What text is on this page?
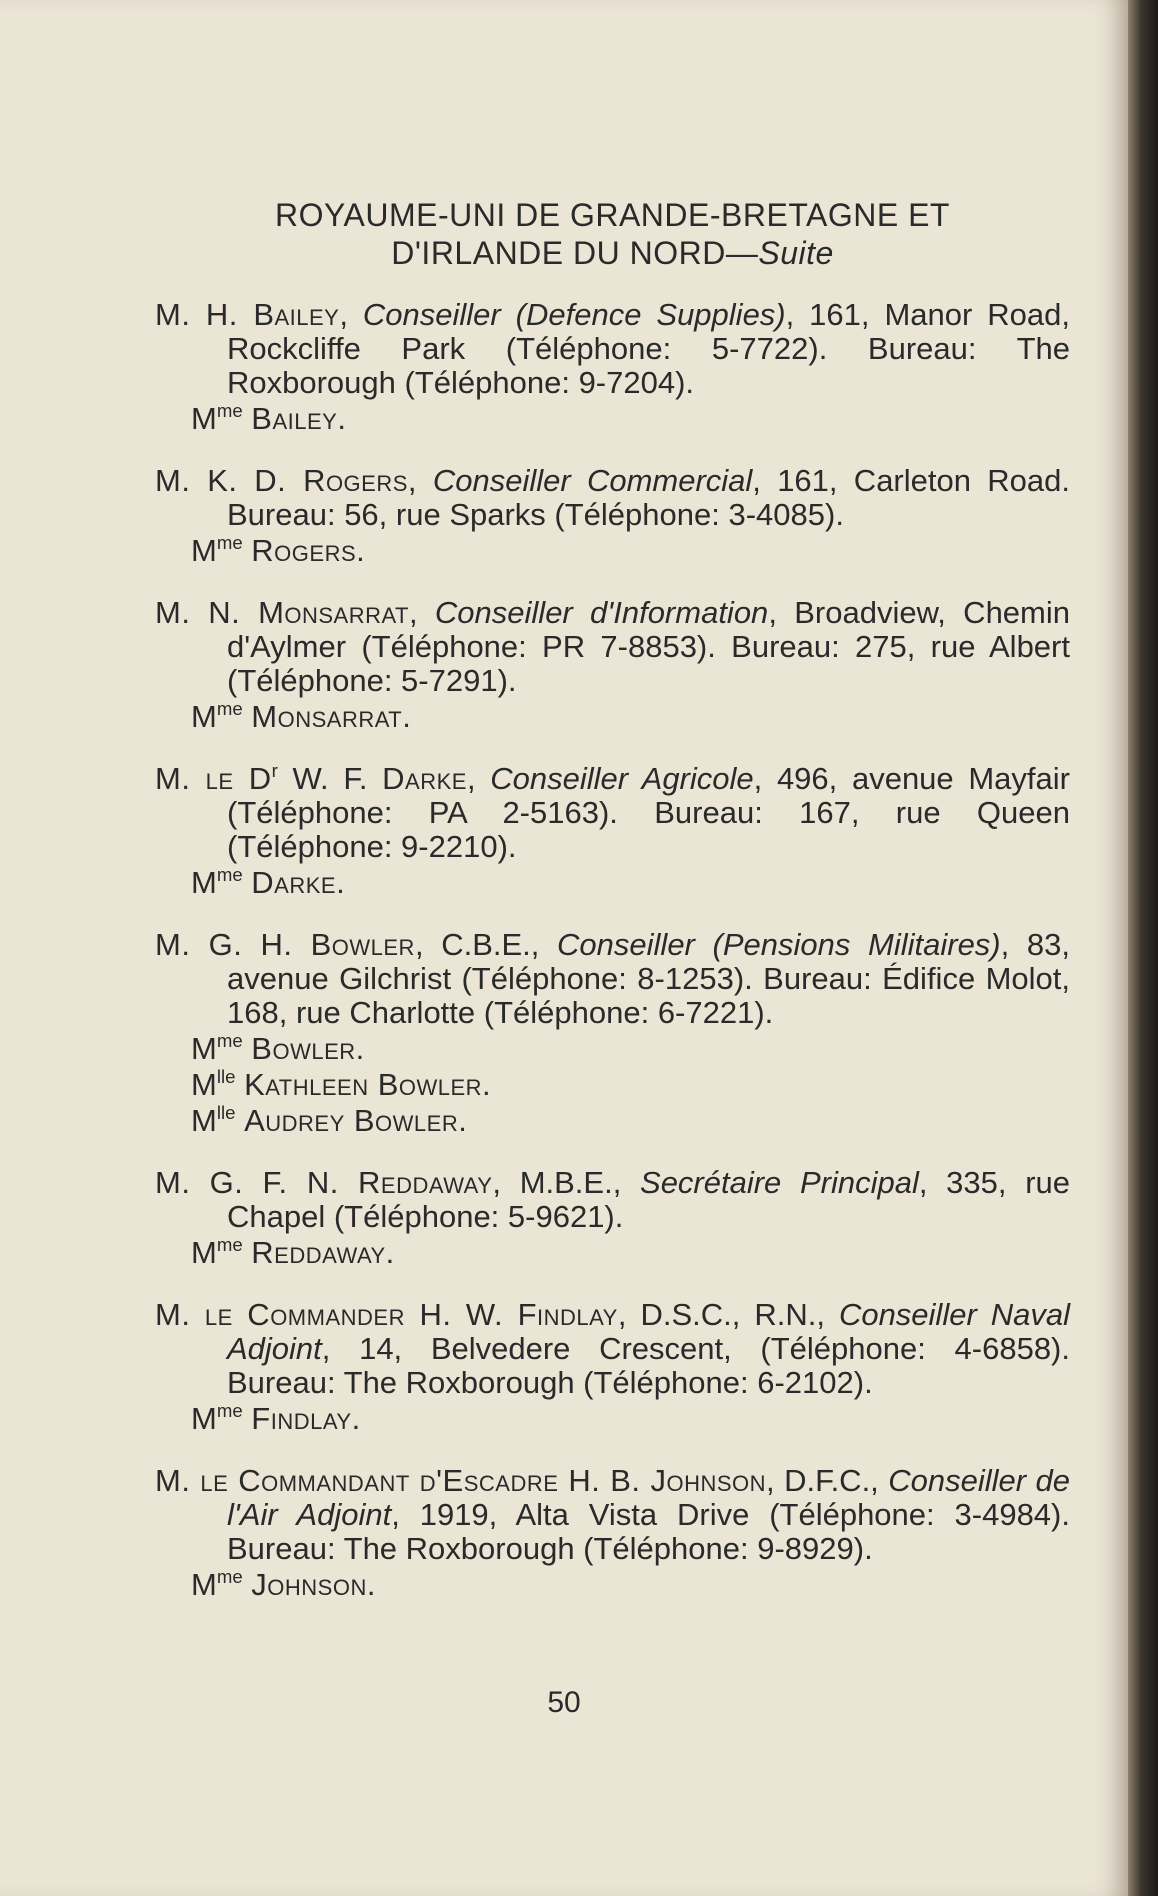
ROYAUME-UNI DE GRANDE-BRETAGNE ET
D'IRLANDE DU NORD—Suite

M. H. Bailey, Conseiller (Defence Supplies), 161, Manor Road, Rockcliffe Park (Téléphone: 5-7722). Bureau: The Roxborough (Téléphone: 9-7204).

$M^{me}$ Bailey.

M. K. D. Rogers, Conseiller Commercial, 161, Carleton Road. Bureau: 56, rue Sparks (Téléphone: 3-4085).

$M^{me}$ Rogers.

M. N. Monsarrat, Conseiller d'Information, Broadview, Chemin d'Aylmer (Téléphone: PR 7-8853). Bureau: 275, rue Albert (Téléphone: 5-7291).

$M^{me}$ Monsarrat.

M. le $D^r$ W. F. Darke, Conseiller Agricole, 496, avenue Mayfair (Téléphone: PA 2-5163). Bureau: 167, rue Queen (Téléphone: 9-2210).

$M^{me}$ Darke.

M. G. H. Bowler, C.B.E., Conseiller (Pensions Militaires), 83, avenue Gilchrist (Téléphone: 8-1253). Bureau: Édifice Molot, 168, rue Charlotte (Téléphone: 6-7221).

$M^{me}$ Bowler.

$M^{lle}$ Kathleen Bowler.

$M^{lle}$ Audrey Bowler.

M. G. F. N. Reddaway, M.B.E., Secrétaire Principal, 335, rue Chapel (Téléphone: 5-9621).

$M^{me}$ Reddaway.

M. le Commander H. W. Findlay, D.S.C., R.N., Conseiller Naval Adjoint, 14, Belvedere Crescent, (Téléphone: 4-6858). Bureau: The Roxborough (Téléphone: 6-2102).

$M^{me}$ Findlay.

M. le Commandant d'Escadre H. B. Johnson, D.F.C., Conseiller de l'Air Adjoint, 1919, Alta Vista Drive (Téléphone: 3-4984). Bureau: The Roxborough (Téléphone: 9-8929).

$M^{me}$ Johnson.

50
